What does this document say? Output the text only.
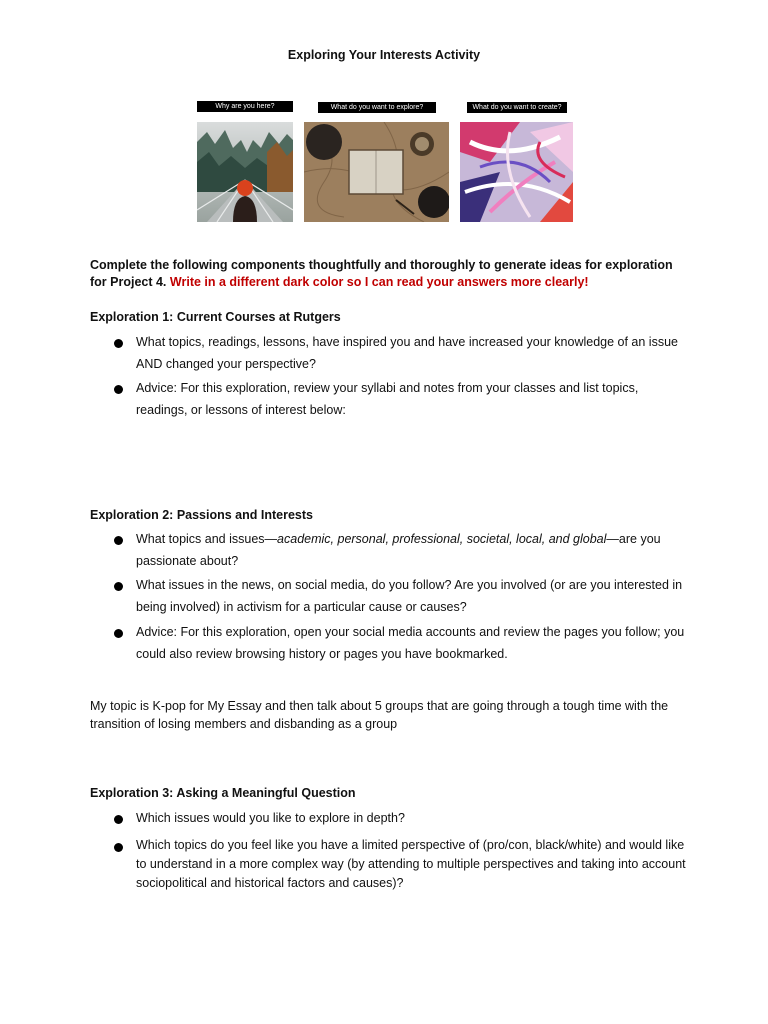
Exploring Your Interests Activity
Why are you here?	What do you want to explore?	What do you want to create?
Complete the following components thoughtfully and thoroughly to generate ideas for exploration for Project 4. Write in a different dark color so I can read your answers more clearly!
Exploration 1: Current Courses at Rutgers
What topics, readings, lessons, have inspired you and have increased your knowledge of an issue AND changed your perspective?
Advice: For this exploration, review your syllabi and notes from your classes and list topics, readings, or lessons of interest below:
Exploration 2: Passions and Interests
What topics and issues—academic, personal, professional, societal, local, and global—are you passionate about?
What issues in the news, on social media, do you follow? Are you involved (or are you interested in being involved) in activism for a particular cause or causes?
Advice: For this exploration, open your social media accounts and review the pages you follow; you could also review browsing history or pages you have bookmarked.
My topic is K-pop for My Essay and then talk about 5 groups that are going through a tough time with the transition of losing members and disbanding as a group
Exploration 3: Asking a Meaningful Question
Which issues would you like to explore in depth?
Which topics do you feel like you have a limited perspective of (pro/con, black/white) and would like to understand in a more complex way (by attending to multiple perspectives and taking into account sociopolitical and historical factors and causes)?
